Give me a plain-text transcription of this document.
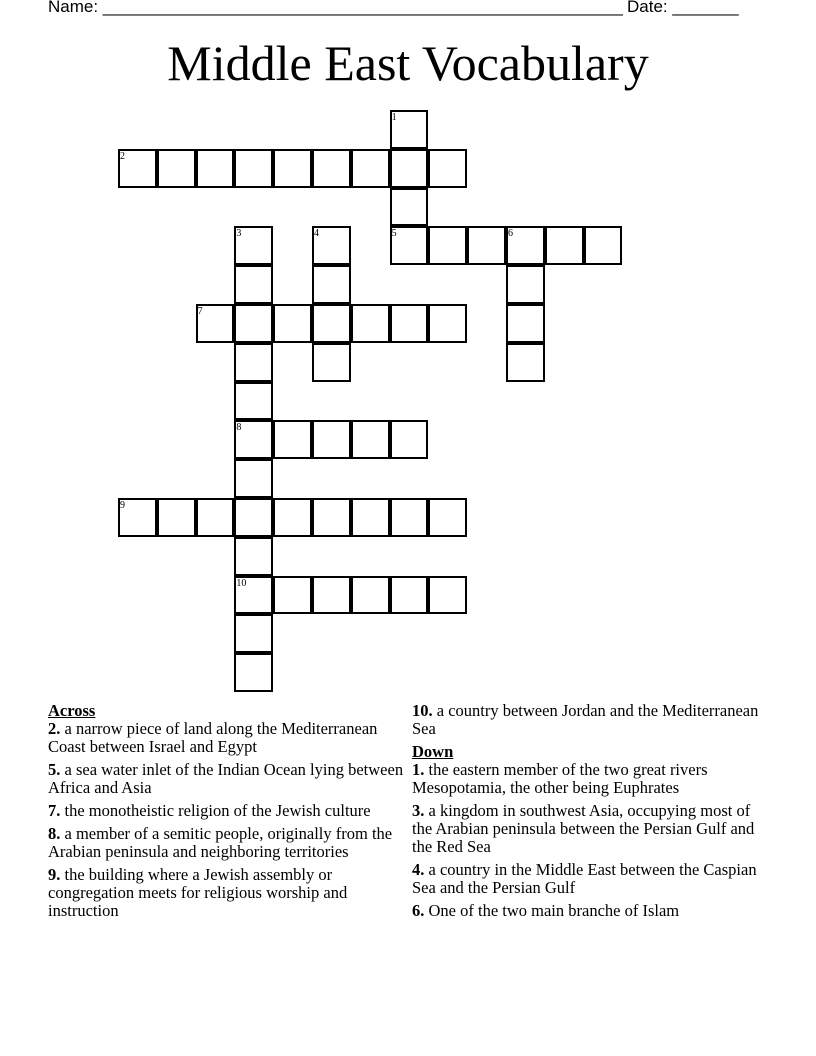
Name: _______________________________________________________ Date: _______
Middle East Vocabulary
1
2
3	4	5	6
7
8
9
10
Across
2. a narrow piece of land along the Mediterranean Coast between Israel and Egypt
5. a sea water inlet of the Indian Ocean lying between Africa and Asia
7. the monotheistic religion of the Jewish culture
8. a member of a semitic people, originally from the Arabian peninsula and neighboring territories
9. the building where a Jewish assembly or congregation meets for religious worship and instruction
10. a country between Jordan and the Mediterranean Sea
Down
1. the eastern member of the two great rivers Mesopotamia, the other being Euphrates
3. a kingdom in southwest Asia, occupying most of the Arabian peninsula between the Persian Gulf and the Red Sea
4. a country in the Middle East between the Caspian Sea and the Persian Gulf
6. One of the two main branche of Islam
